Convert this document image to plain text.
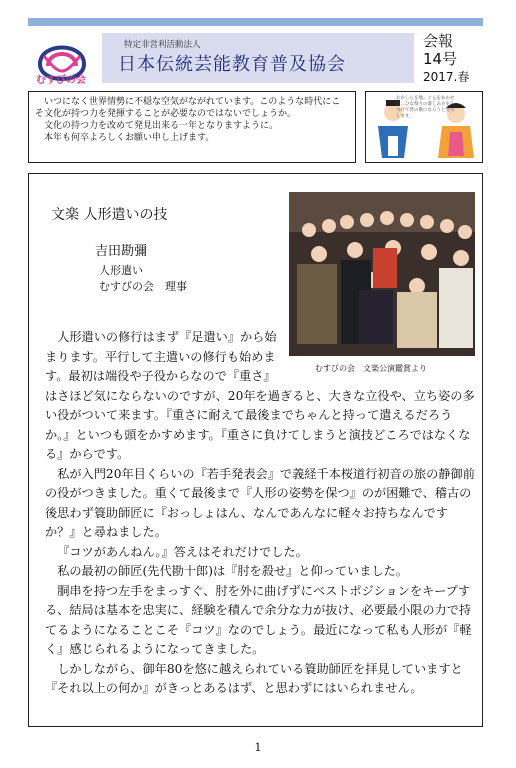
むすびの会
特定非営利活動法人
日本伝統芸能教育普及協会
会報
14号
2017.春

いつになく世界情勢に不穏な空気がながれています。このような時代にこそ文化が持つ力を発揮することが必要なのではないでしょうか。

文化の持つ力を改めて発見出来る一年となりますように。

本年も何卒よろしくお願い申し上げます。

おかしらを地。ぐらをあわせた…ひな祭りの楽しみ方をみつけて皆の歌になろうと努力します。
文楽 人形遣いの技
吉田勘彌
人形遣い
むすびの会　理事
むすびの会　文楽公演鑑賞より

人形遣いの修行はまず『足遣い』から始まります。平行して主遣いの修行も始めます。最初は端役や子役からなので『重さ』はさほど気にならないのですが、20年を過ぎると、大きな立役や、立ち姿の多い役がついて来ます。『重さに耐えて最後までちゃんと持って遣えるだろうか。』といつも頭をかすめます。『重さに負けてしまうと演技どころではなくなる』からです。

私が入門20年目くらいの『若手発表会』で義経千本桜道行初音の旅の静御前の役がつきました。重くて最後まで『人形の姿勢を保つ』のが困難で、稽古の後思わず簑助師匠に『おっしょはん、なんであんなに軽々お持ちなんですか？』と尋ねました。

『コツがあんねん。』答えはそれだけでした。

私の最初の師匠(先代勘十郎)は『肘を殺せ』と仰っていました。

胴串を持つ左手をまっすぐ、肘を外に曲げずにベストポジションをキープする、結局は基本を忠実に、経験を積んで余分な力が抜け、必要最小限の力で持てるようになることこそ『コツ』なのでしょう。最近になって私も人形が『軽く』感じられるようになってきました。

しかしながら、御年80を悠に越えられている簑助師匠を拝見していますと『それ以上の何か』がきっとあるはず、と思わずにはいられません。

1
